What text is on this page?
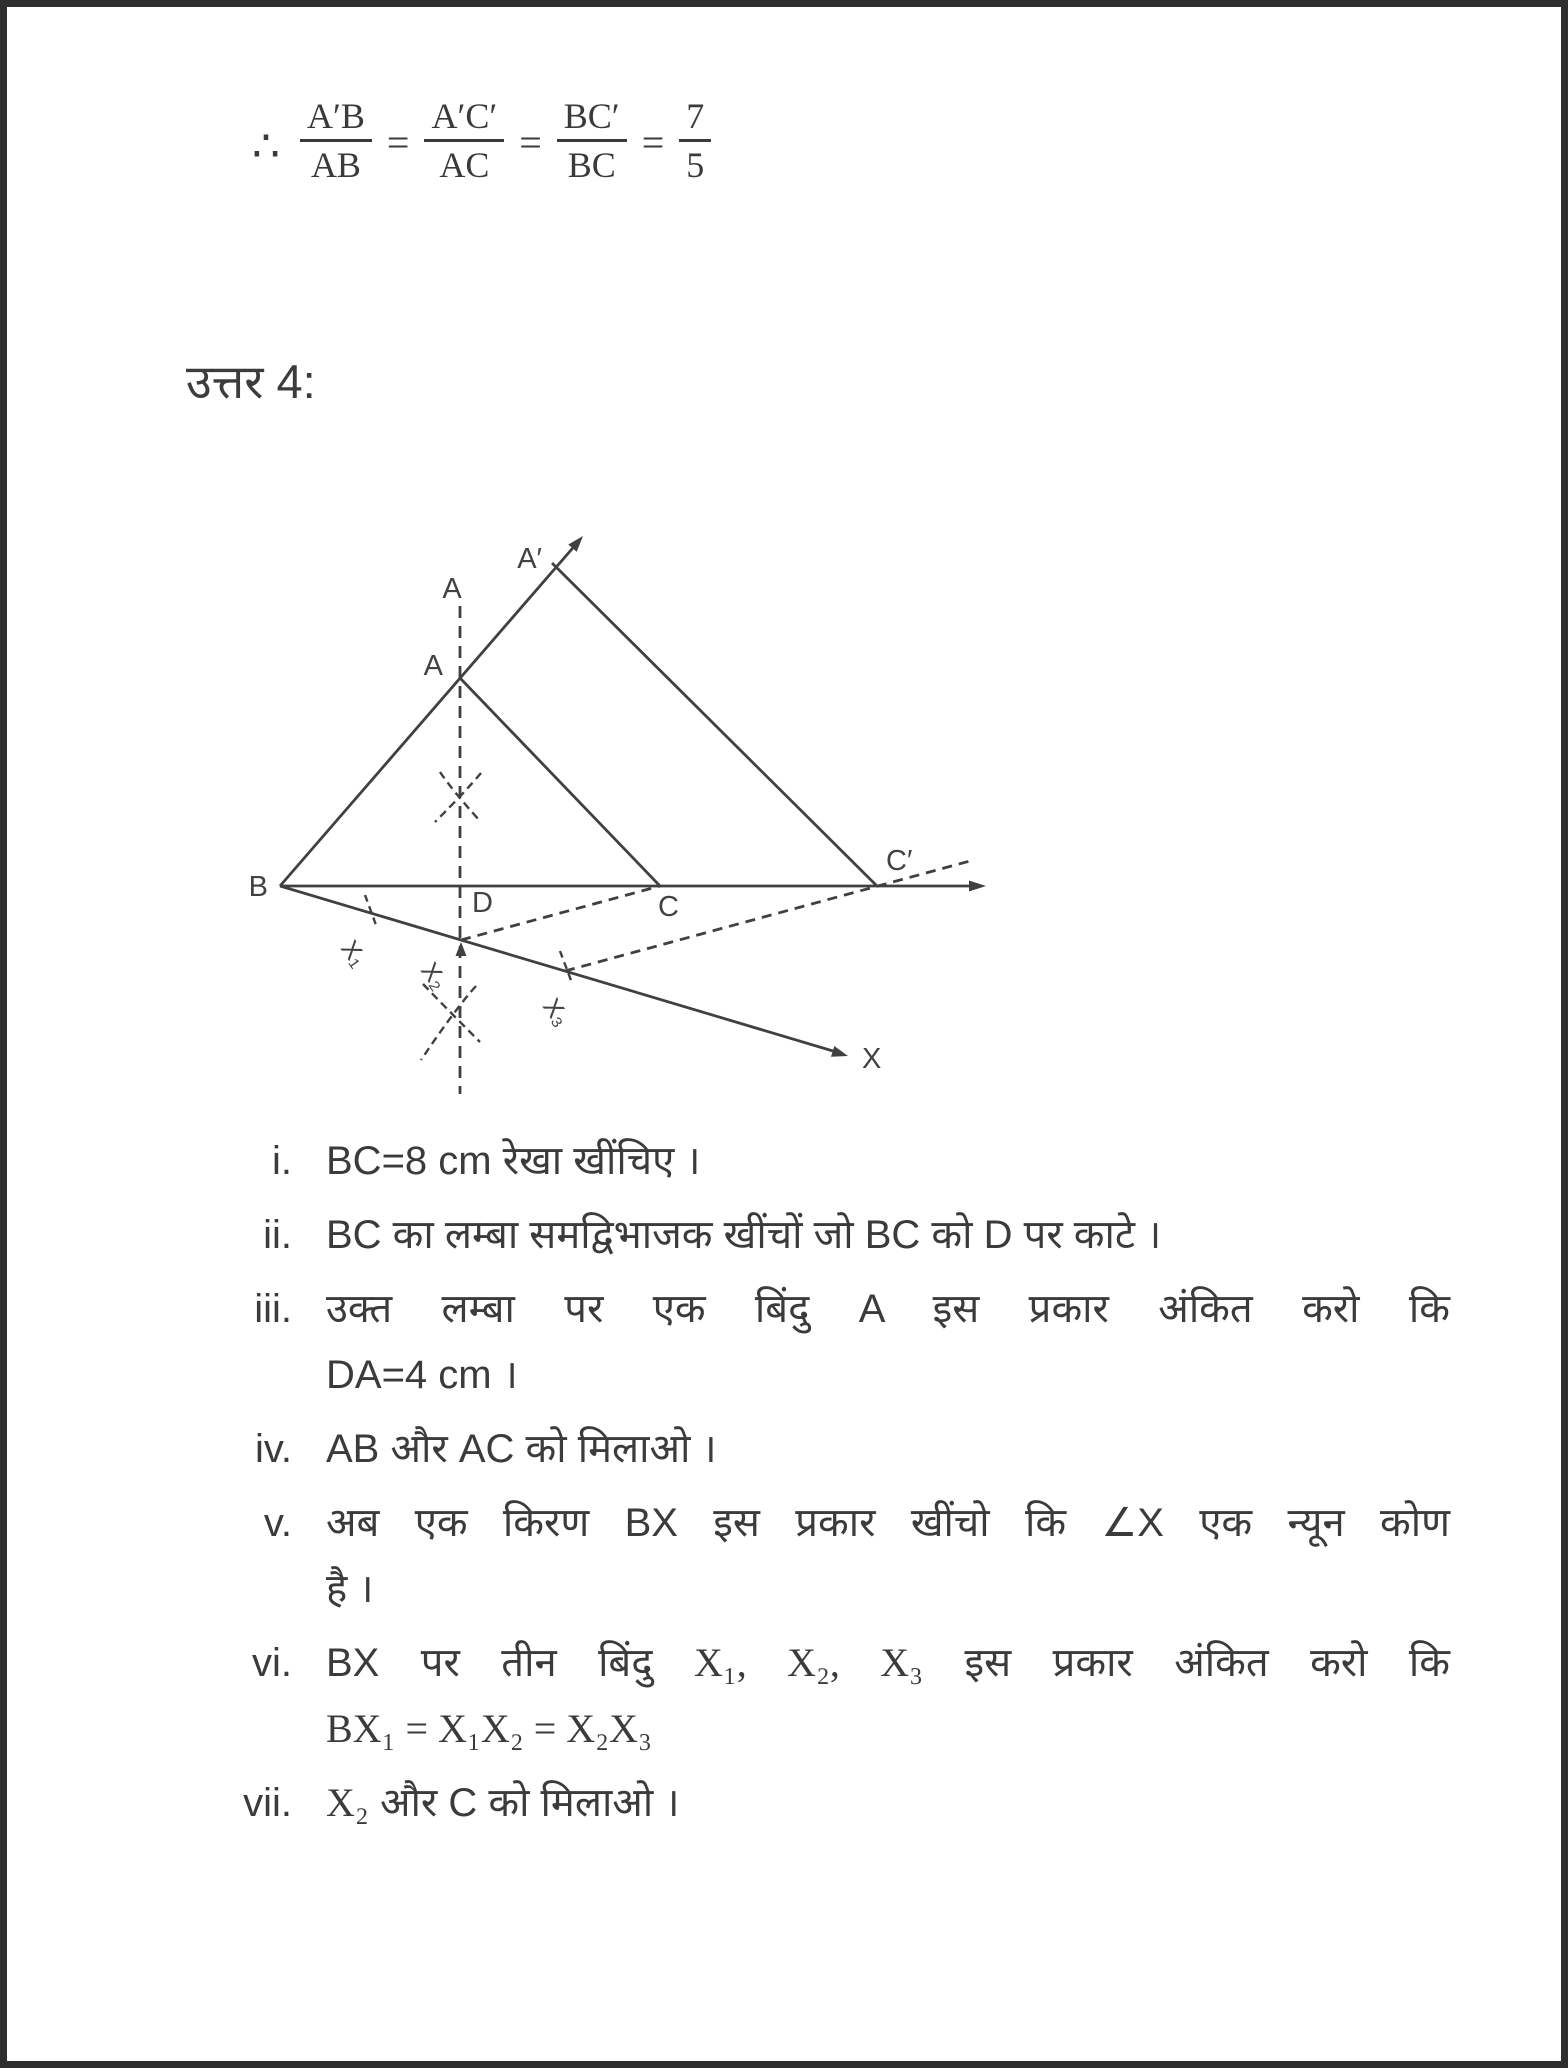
∴ $\frac{A'B}{AB} = \frac{A'C'}{AC} = \frac{BC'}{BC} = \frac{7}{5}$
उत्तर 4:
A
A
A′
B	D	C
C′
X
X₁
X₂
X₃
i. BC=8 cm रेखा खींचिए ।
ii. BC का लम्बा समद्विभाजक खींचों जो BC को D पर काटे ।
iii. उक्त लम्बा पर एक बिंदु A इस प्रकार अंकित करो कि
DA=4 cm ।
iv. AB और AC को मिलाओ ।
v. अब एक किरण BX इस प्रकार खींचो कि ∠X एक न्यून कोण
है ।
vi. BX पर तीन बिंदु X₁, X₂, X₃ इस प्रकार अंकित करो कि
BX₁ = X₁X₂ = X₂X₃
vii. X₂ और C को मिलाओ ।
